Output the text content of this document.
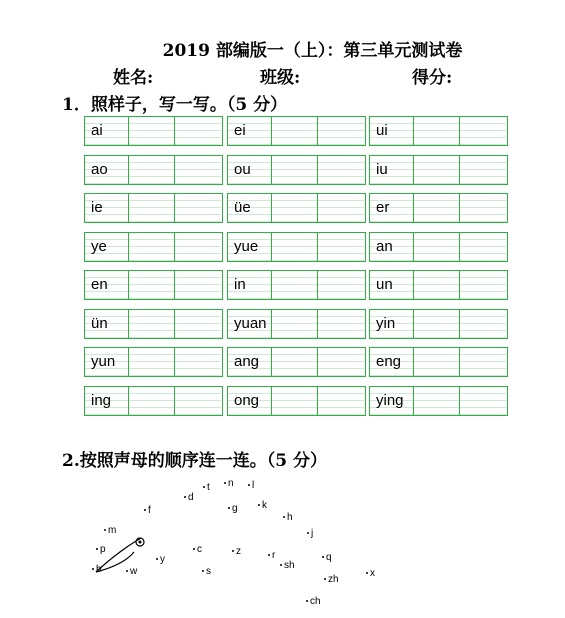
2019 部编版一（上）：第三单元测试卷
姓名:	班级:	得分:
1．照样子，写一写。（5 分）
ai	ei	ui
ao	ou	iu
ie	üe	er
ye	yue	an
en	in	un
ün	yuan	yin
yun	ang	eng
ing	ong	ying
2.按照声母的顺序连一连。（5 分）
t	n	l
d
g	k
f
h
m	j
p	c	z	r
sh
q
y
b	w	s
zh
x
ch
